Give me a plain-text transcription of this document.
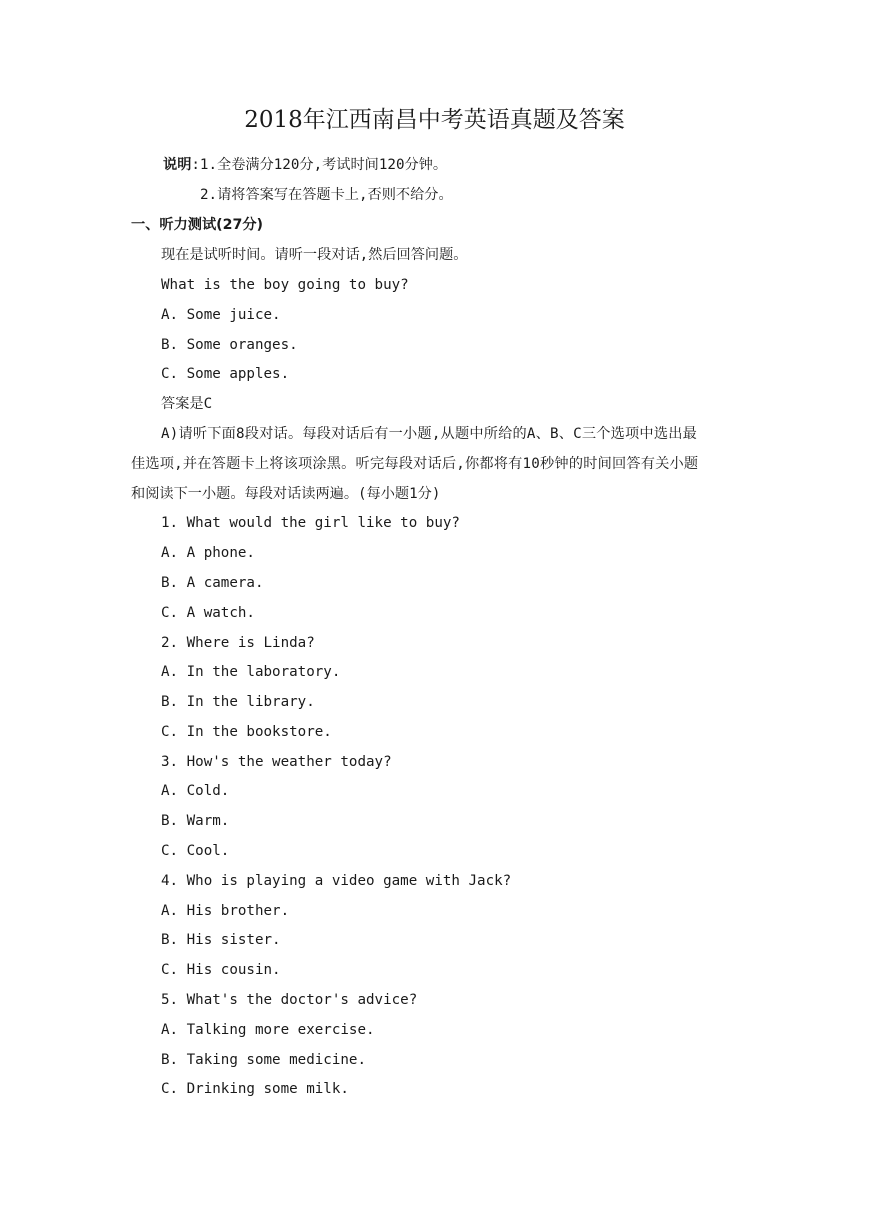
2018年江西南昌中考英语真题及答案
说明:1.全卷满分120分,考试时间120分钟。
2.请将答案写在答题卡上,否则不给分。
一、听力测试(27分)
现在是试听时间。请听一段对话,然后回答问题。
What is the boy going to buy?
A. Some juice.
B. Some oranges.
C. Some apples.
答案是C
A)请听下面8段对话。每段对话后有一小题,从题中所给的A、B、C三个选项中选出最
佳选项,并在答题卡上将该项涂黑。听完每段对话后,你都将有10秒钟的时间回答有关小题
和阅读下一小题。每段对话读两遍。(每小题1分)
1. What would the girl like to buy?
A. A phone.
B. A camera.
C. A watch.
2. Where is Linda?
A. In the laboratory.
B. In the library.
C. In the bookstore.
3. How's the weather today?
A. Cold.
B. Warm.
C. Cool.
4. Who is playing a video game with Jack?
A. His brother.
B. His sister.
C. His cousin.
5. What's the doctor's advice?
A. Talking more exercise.
B. Taking some medicine.
C. Drinking some milk.
